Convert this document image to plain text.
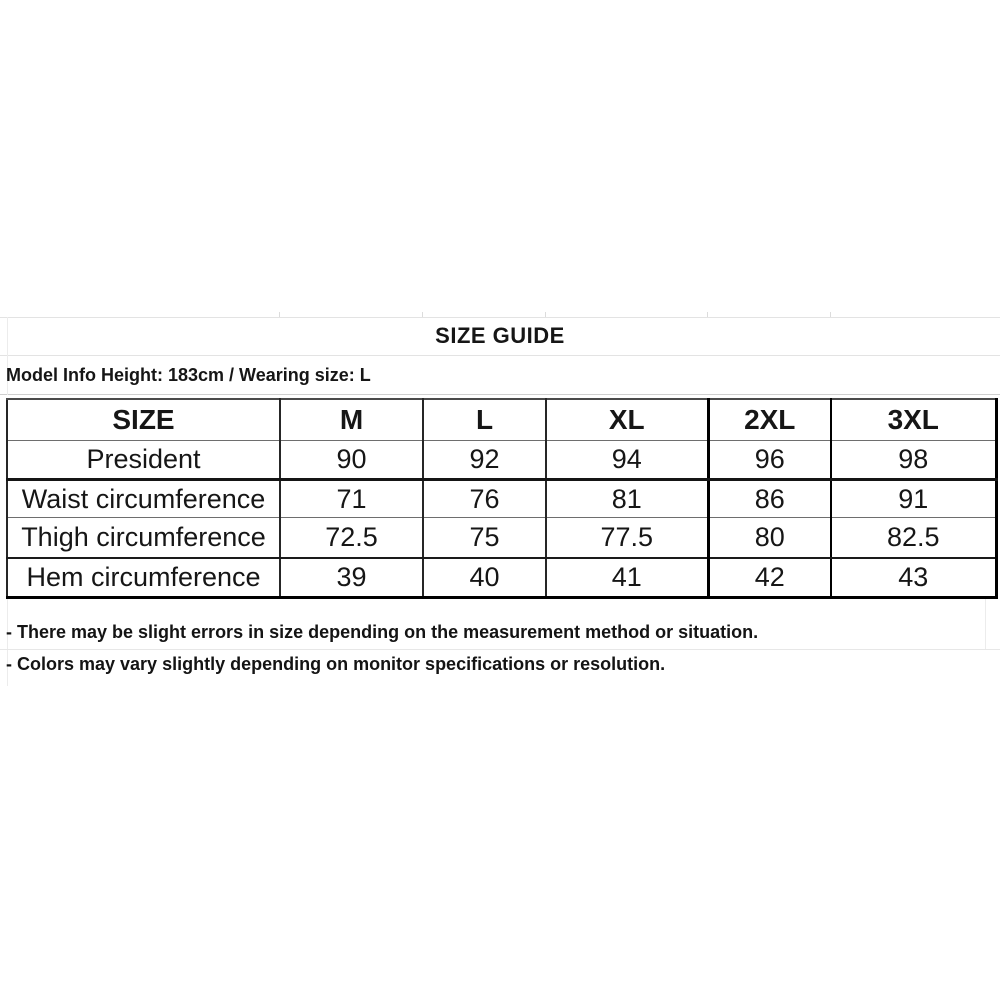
SIZE GUIDE
Model Info Height: 183cm / Wearing size: L
SIZE	M	L	XL	2XL	3XL
President	90	92	94	96	98
Waist circumference	71	76	81	86	91
Thigh circumference	72.5	75	77.5	80	82.5
Hem circumference	39	40	41	42	43
- There may be slight errors in size depending on the measurement method or situation.
- Colors may vary slightly depending on monitor specifications or resolution.
